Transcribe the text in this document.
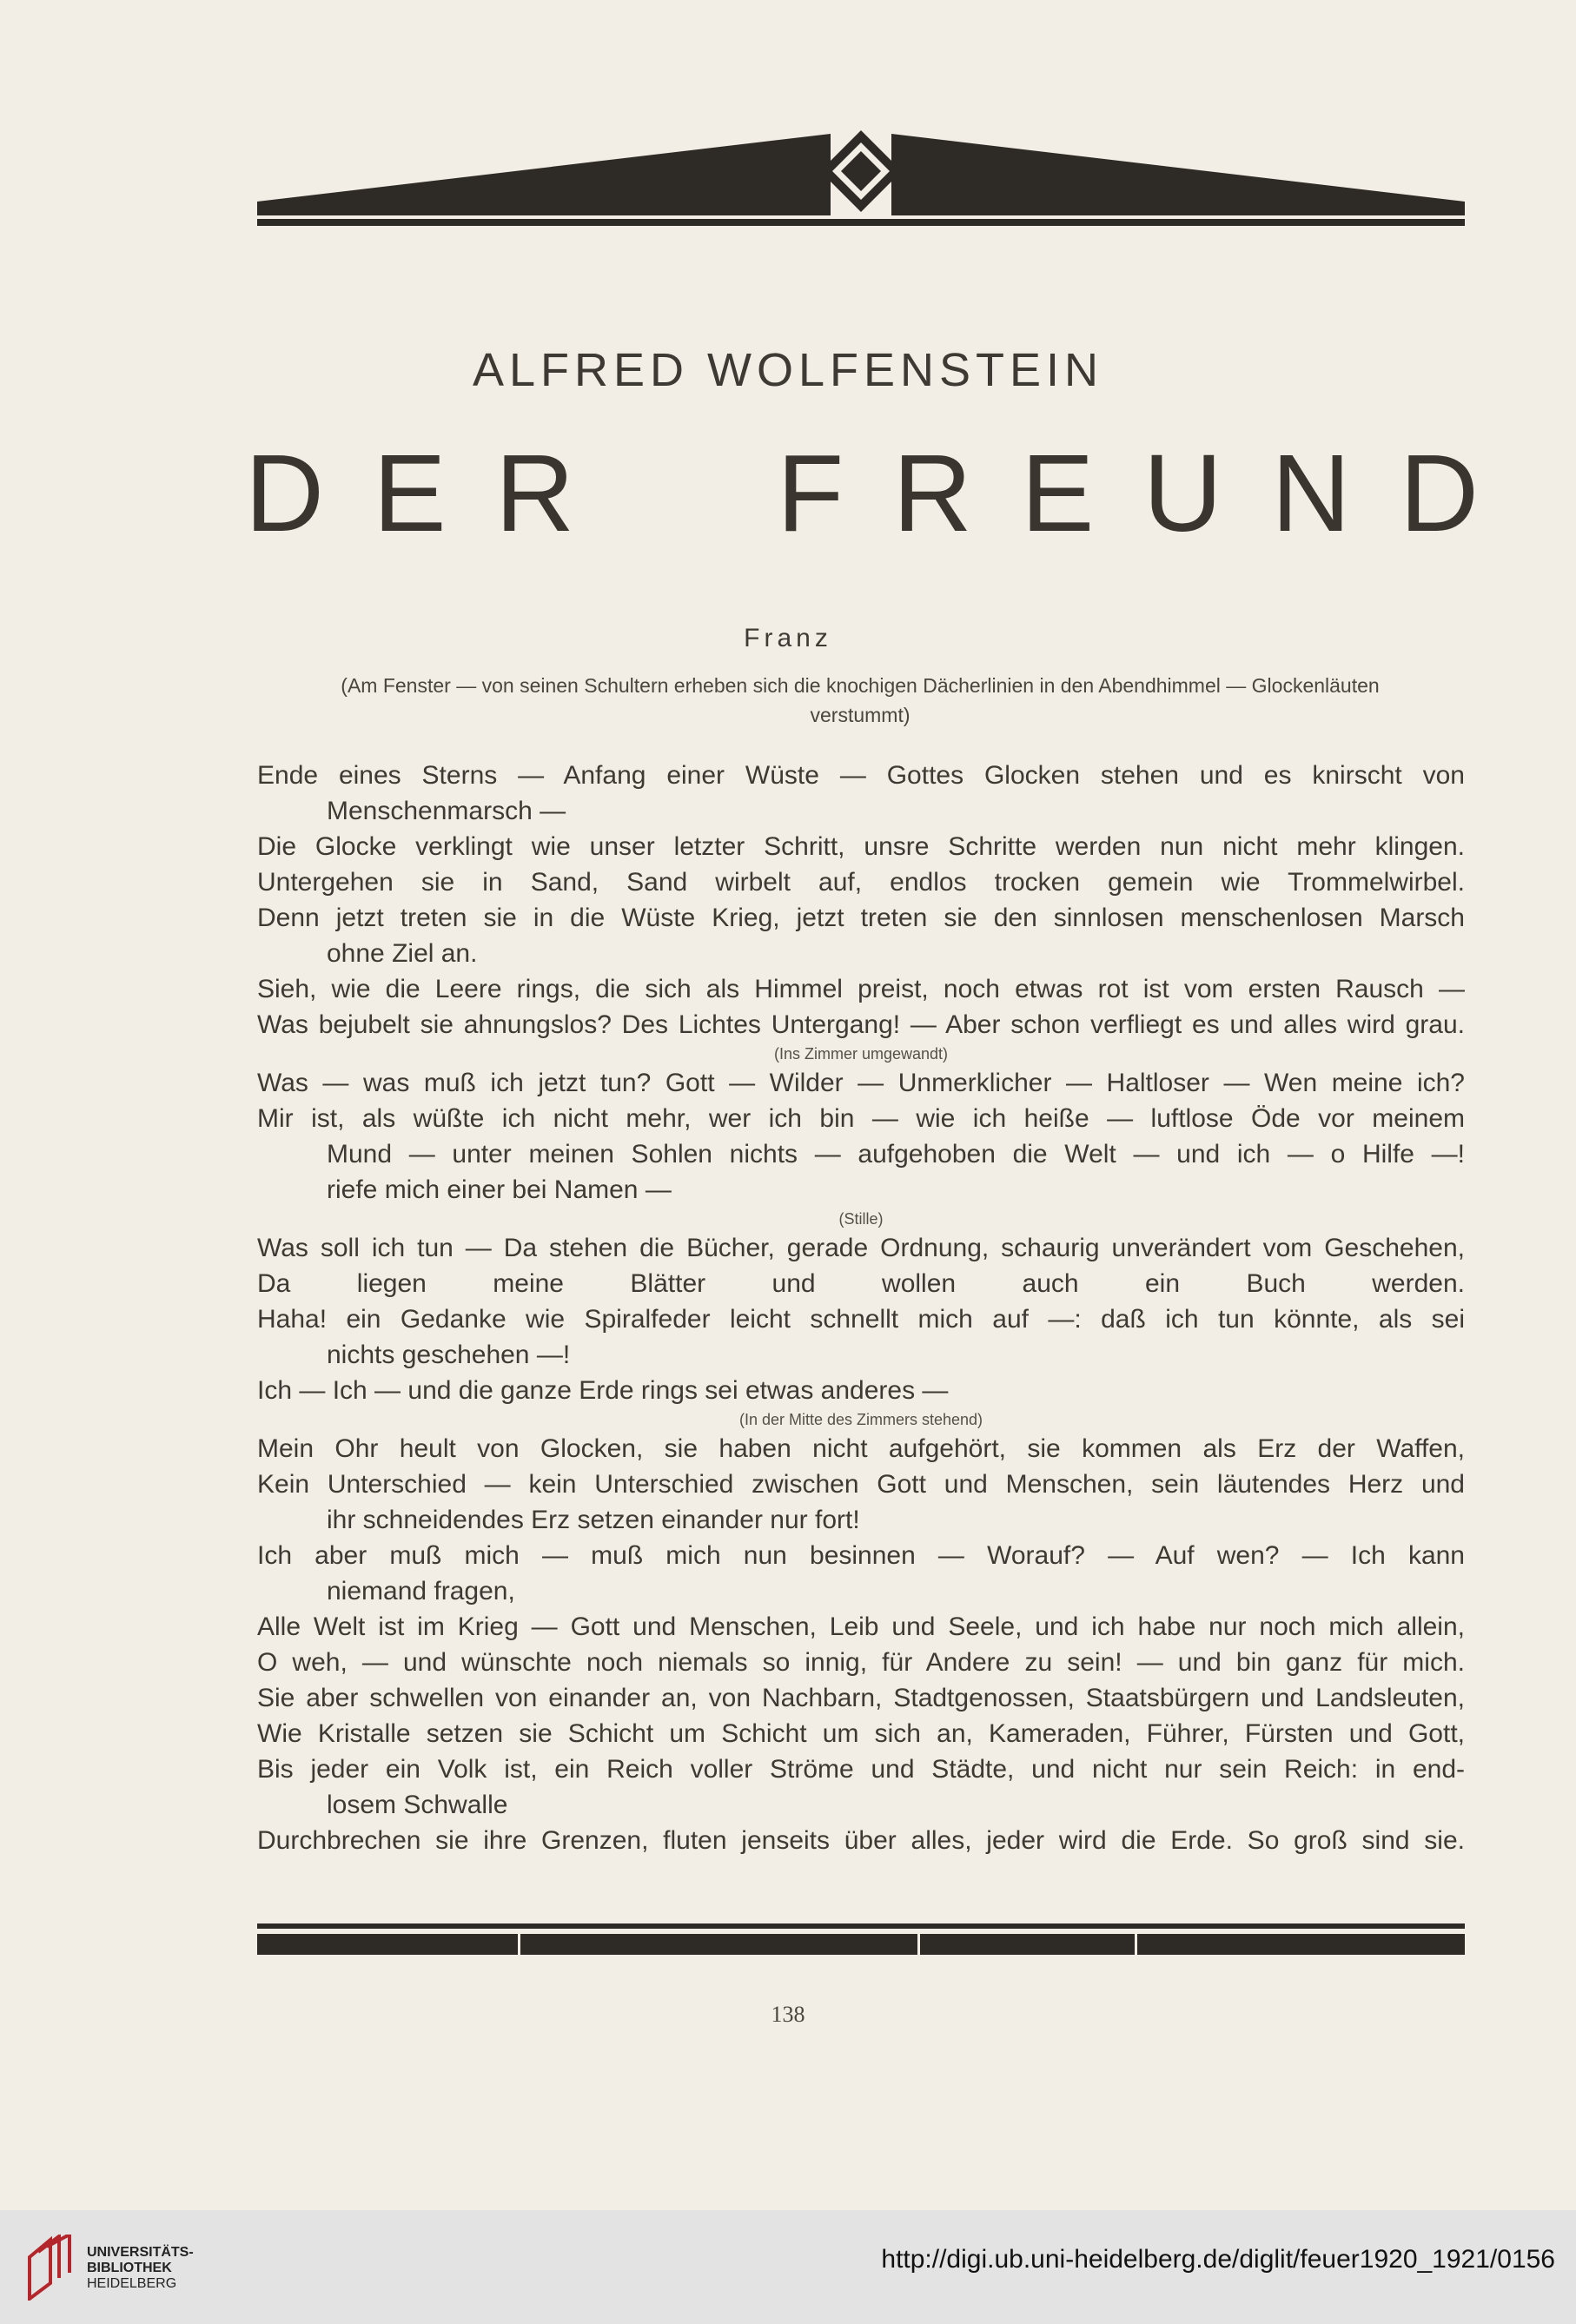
ALFRED WOLFENSTEIN
D E R F R E U N D
Franz
(Am Fenster — von seinen Schultern erheben sich die knochigen Dächerlinien in den Abendhimmel — Glockenläuten verstummt)
Ende eines Sterns — Anfang einer Wüste — Gottes Glocken stehen und es knirscht von
Menschenmarsch —
Die Glocke verklingt wie unser letzter Schritt, unsre Schritte werden nun nicht mehr klingen.
Untergehen sie in Sand, Sand wirbelt auf, endlos trocken gemein wie Trommelwirbel.
Denn jetzt treten sie in die Wüste Krieg, jetzt treten sie den sinnlosen menschenlosen Marsch
ohne Ziel an.
Sieh, wie die Leere rings, die sich als Himmel preist, noch etwas rot ist vom ersten Rausch —
Was bejubelt sie ahnungslos? Des Lichtes Untergang! — Aber schon verfliegt es und alles wird grau.
(Ins Zimmer umgewandt)
Was — was muß ich jetzt tun? Gott — Wilder — Unmerklicher — Haltloser — Wen meine ich?
Mir ist, als wüßte ich nicht mehr, wer ich bin — wie ich heiße — luftlose Öde vor meinem
Mund — unter meinen Sohlen nichts — aufgehoben die Welt — und ich — o Hilfe —!
riefe mich einer bei Namen —
(Stille)
Was soll ich tun — Da stehen die Bücher, gerade Ordnung, schaurig unverändert vom Geschehen,
Da liegen meine Blätter und wollen auch ein Buch werden.
Haha! ein Gedanke wie Spiralfeder leicht schnellt mich auf —: daß ich tun könnte, als sei
nichts geschehen —!
Ich — Ich — und die ganze Erde rings sei etwas anderes —
(In der Mitte des Zimmers stehend)
Mein Ohr heult von Glocken, sie haben nicht aufgehört, sie kommen als Erz der Waffen,
Kein Unterschied — kein Unterschied zwischen Gott und Menschen, sein läutendes Herz und
ihr schneidendes Erz setzen einander nur fort!
Ich aber muß mich — muß mich nun besinnen — Worauf? — Auf wen? — Ich kann
niemand fragen,
Alle Welt ist im Krieg — Gott und Menschen, Leib und Seele, und ich habe nur noch mich allein,
O weh, — und wünschte noch niemals so innig, für Andere zu sein! — und bin ganz für mich.
Sie aber schwellen von einander an, von Nachbarn, Stadtgenossen, Staatsbürgern und Landsleuten,
Wie Kristalle setzen sie Schicht um Schicht um sich an, Kameraden, Führer, Fürsten und Gott,
Bis jeder ein Volk ist, ein Reich voller Ströme und Städte, und nicht nur sein Reich: in end-
losem Schwalle
Durchbrechen sie ihre Grenzen, fluten jenseits über alles, jeder wird die Erde. So groß sind sie.
138
UNIVERSITÄTS-
BIBLIOTHEK
HEIDELBERG
http://digi.ub.uni-heidelberg.de/diglit/feuer1920_1921/0156
